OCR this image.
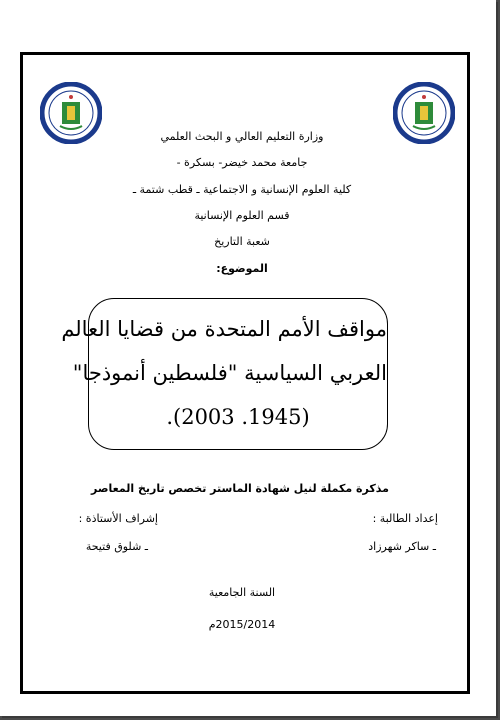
وزارة التعليم العالي و البحث العلمي
جامعة محمد خيضر- بسكرة -
كلية العلوم الإنسانية و الاجتماعية ـ قطب شتمة ـ
قسم العلوم الإنسانية
شعبة التاريخ
الموضوع:
مواقف الأمم المتحدة من قضايا العالم
العربي السياسية "فلسطين أنموذجا"
(1945. 2003).
مذكرة مكملة لنيل شهادة الماستر تخصص تاريخ المعاصر
إعداد الطالبة :
إشراف الأستاذة :
ـ ساكر شهرزاد
ـ شلوق فتيحة
السنة الجامعية
2015/2014م
